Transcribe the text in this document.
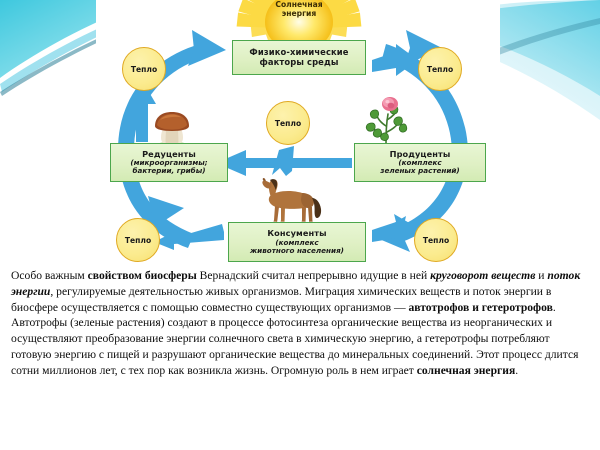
Солнечная
энергия
Физико-химические
факторы среды
Редуценты
(микроорганизмы;
бактерии, грибы)
Продуценты
(комплекс
зеленых растений)
Консументы
(комплекс
животного населения)
Тепло	Тепло
Тепло
Тепло	Тепло
Особо важным свойством биосферы Вернадский считал непрерывно идущие в ней круговорот веществ и поток энергии, регулируемые деятельностью живых организмов. Миграция химических веществ и поток энергии в биосфере осуществляется с помощью совместно существующих организмов — автотрофов и гетеротрофов. Автотрофы (зеленые растения) создают в процессе фотосинтеза органические вещества из неорганических и осуществляют преобразование энергии солнечного света в химическую энергию, а гетеротрофы потребляют готовую энергию с пищей и разрушают органические вещества до минеральных соединений. Этот процесс длится сотни миллионов лет, с тех пор как возникла жизнь. Огромную роль в нем играет солнечная энергия.
